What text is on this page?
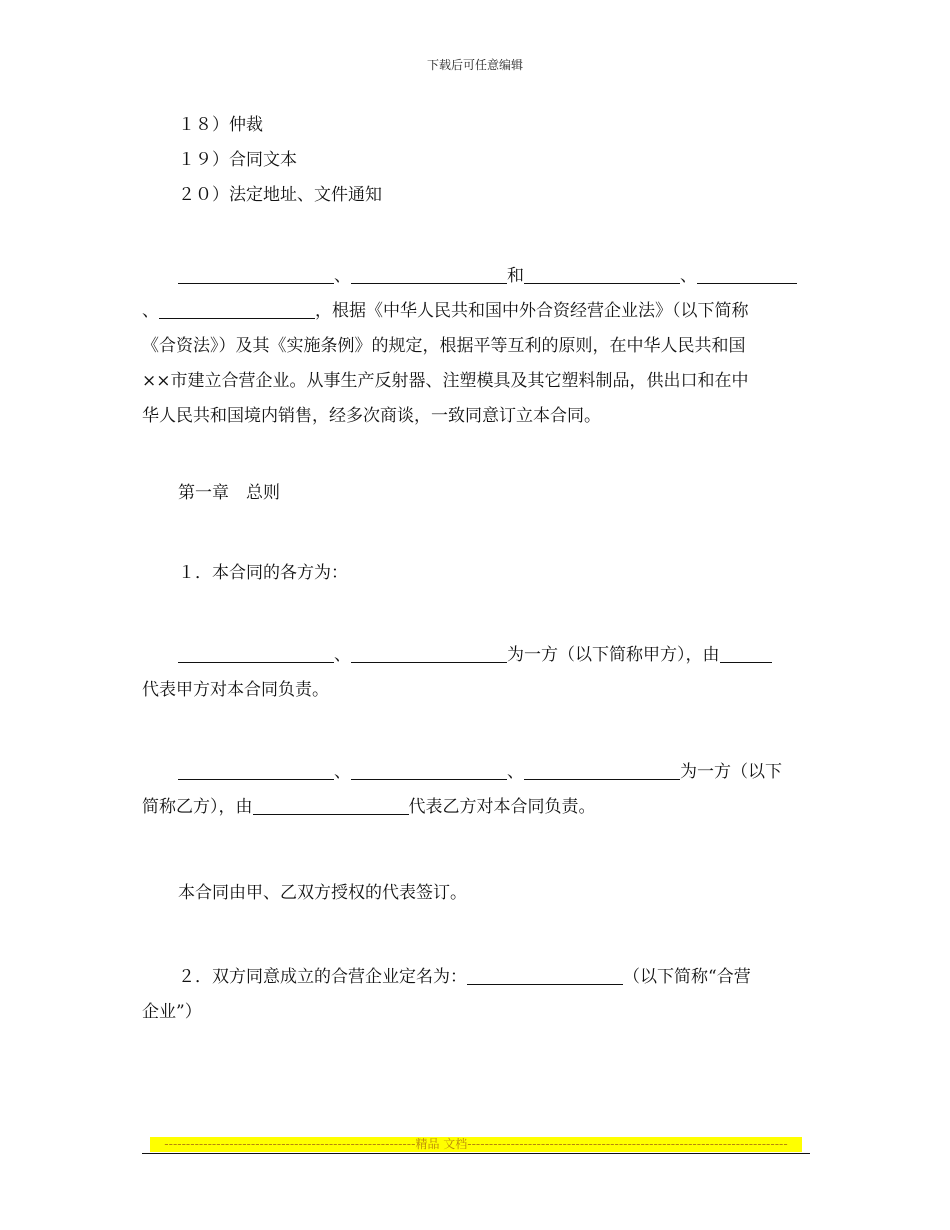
下载后可任意编辑
１８）仲裁
１９）合同文本
２０）法定地址、文件通知
、	和	、
、	，根据《中华人民共和国中外合资经营企业法》（以下简称
《合资法》）及其《实施条例》的规定，根据平等互利的原则，在中华人民共和国
××市建立合营企业。从事生产反射器、注塑模具及其它塑料制品，供出口和在中
华人民共和国境内销售，经多次商谈，一致同意订立本合同。
第一章　总则
１．本合同的各方为：
、	为一方（以下简称甲方），由
代表甲方对本合同负责。
、	、	为一方（以下
简称乙方），由	代表乙方对本合同负责。
本合同由甲、乙双方授权的代表签订。
２．双方同意成立的合营企业定名为：	（以下简称“合营
企业”）
----------------------------------------------------------精品 文档--------------------------------------------------------------------------
